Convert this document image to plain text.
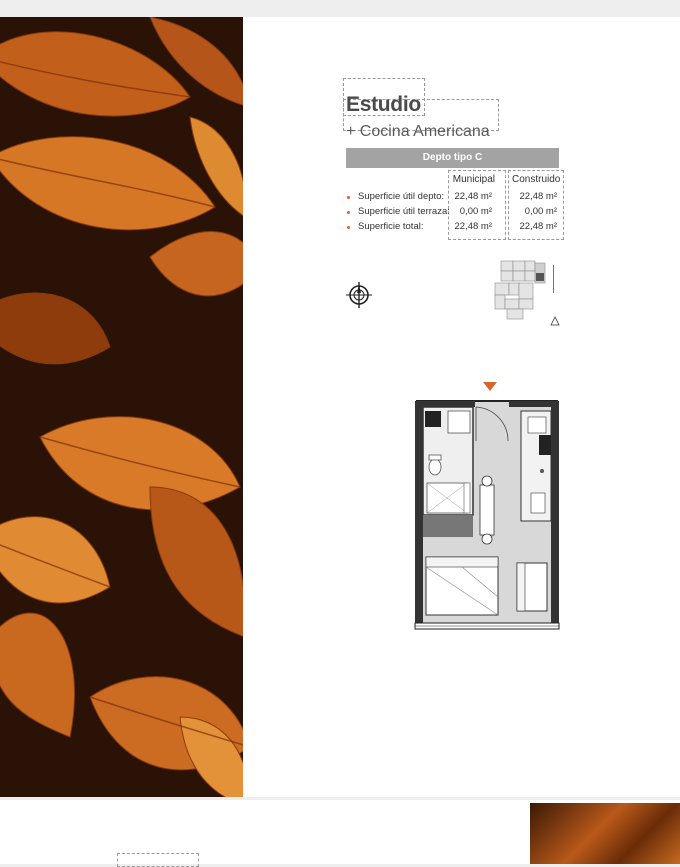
Estudio
+ Cocina Americana
Depto tipo C
Municipal Construido
Superficie útil depto:	22,48 m²	22,48 m²
Superficie útil terraza:	0,00 m²	0,00 m²
Superficie total:	22,48 m²	22,48 m²
